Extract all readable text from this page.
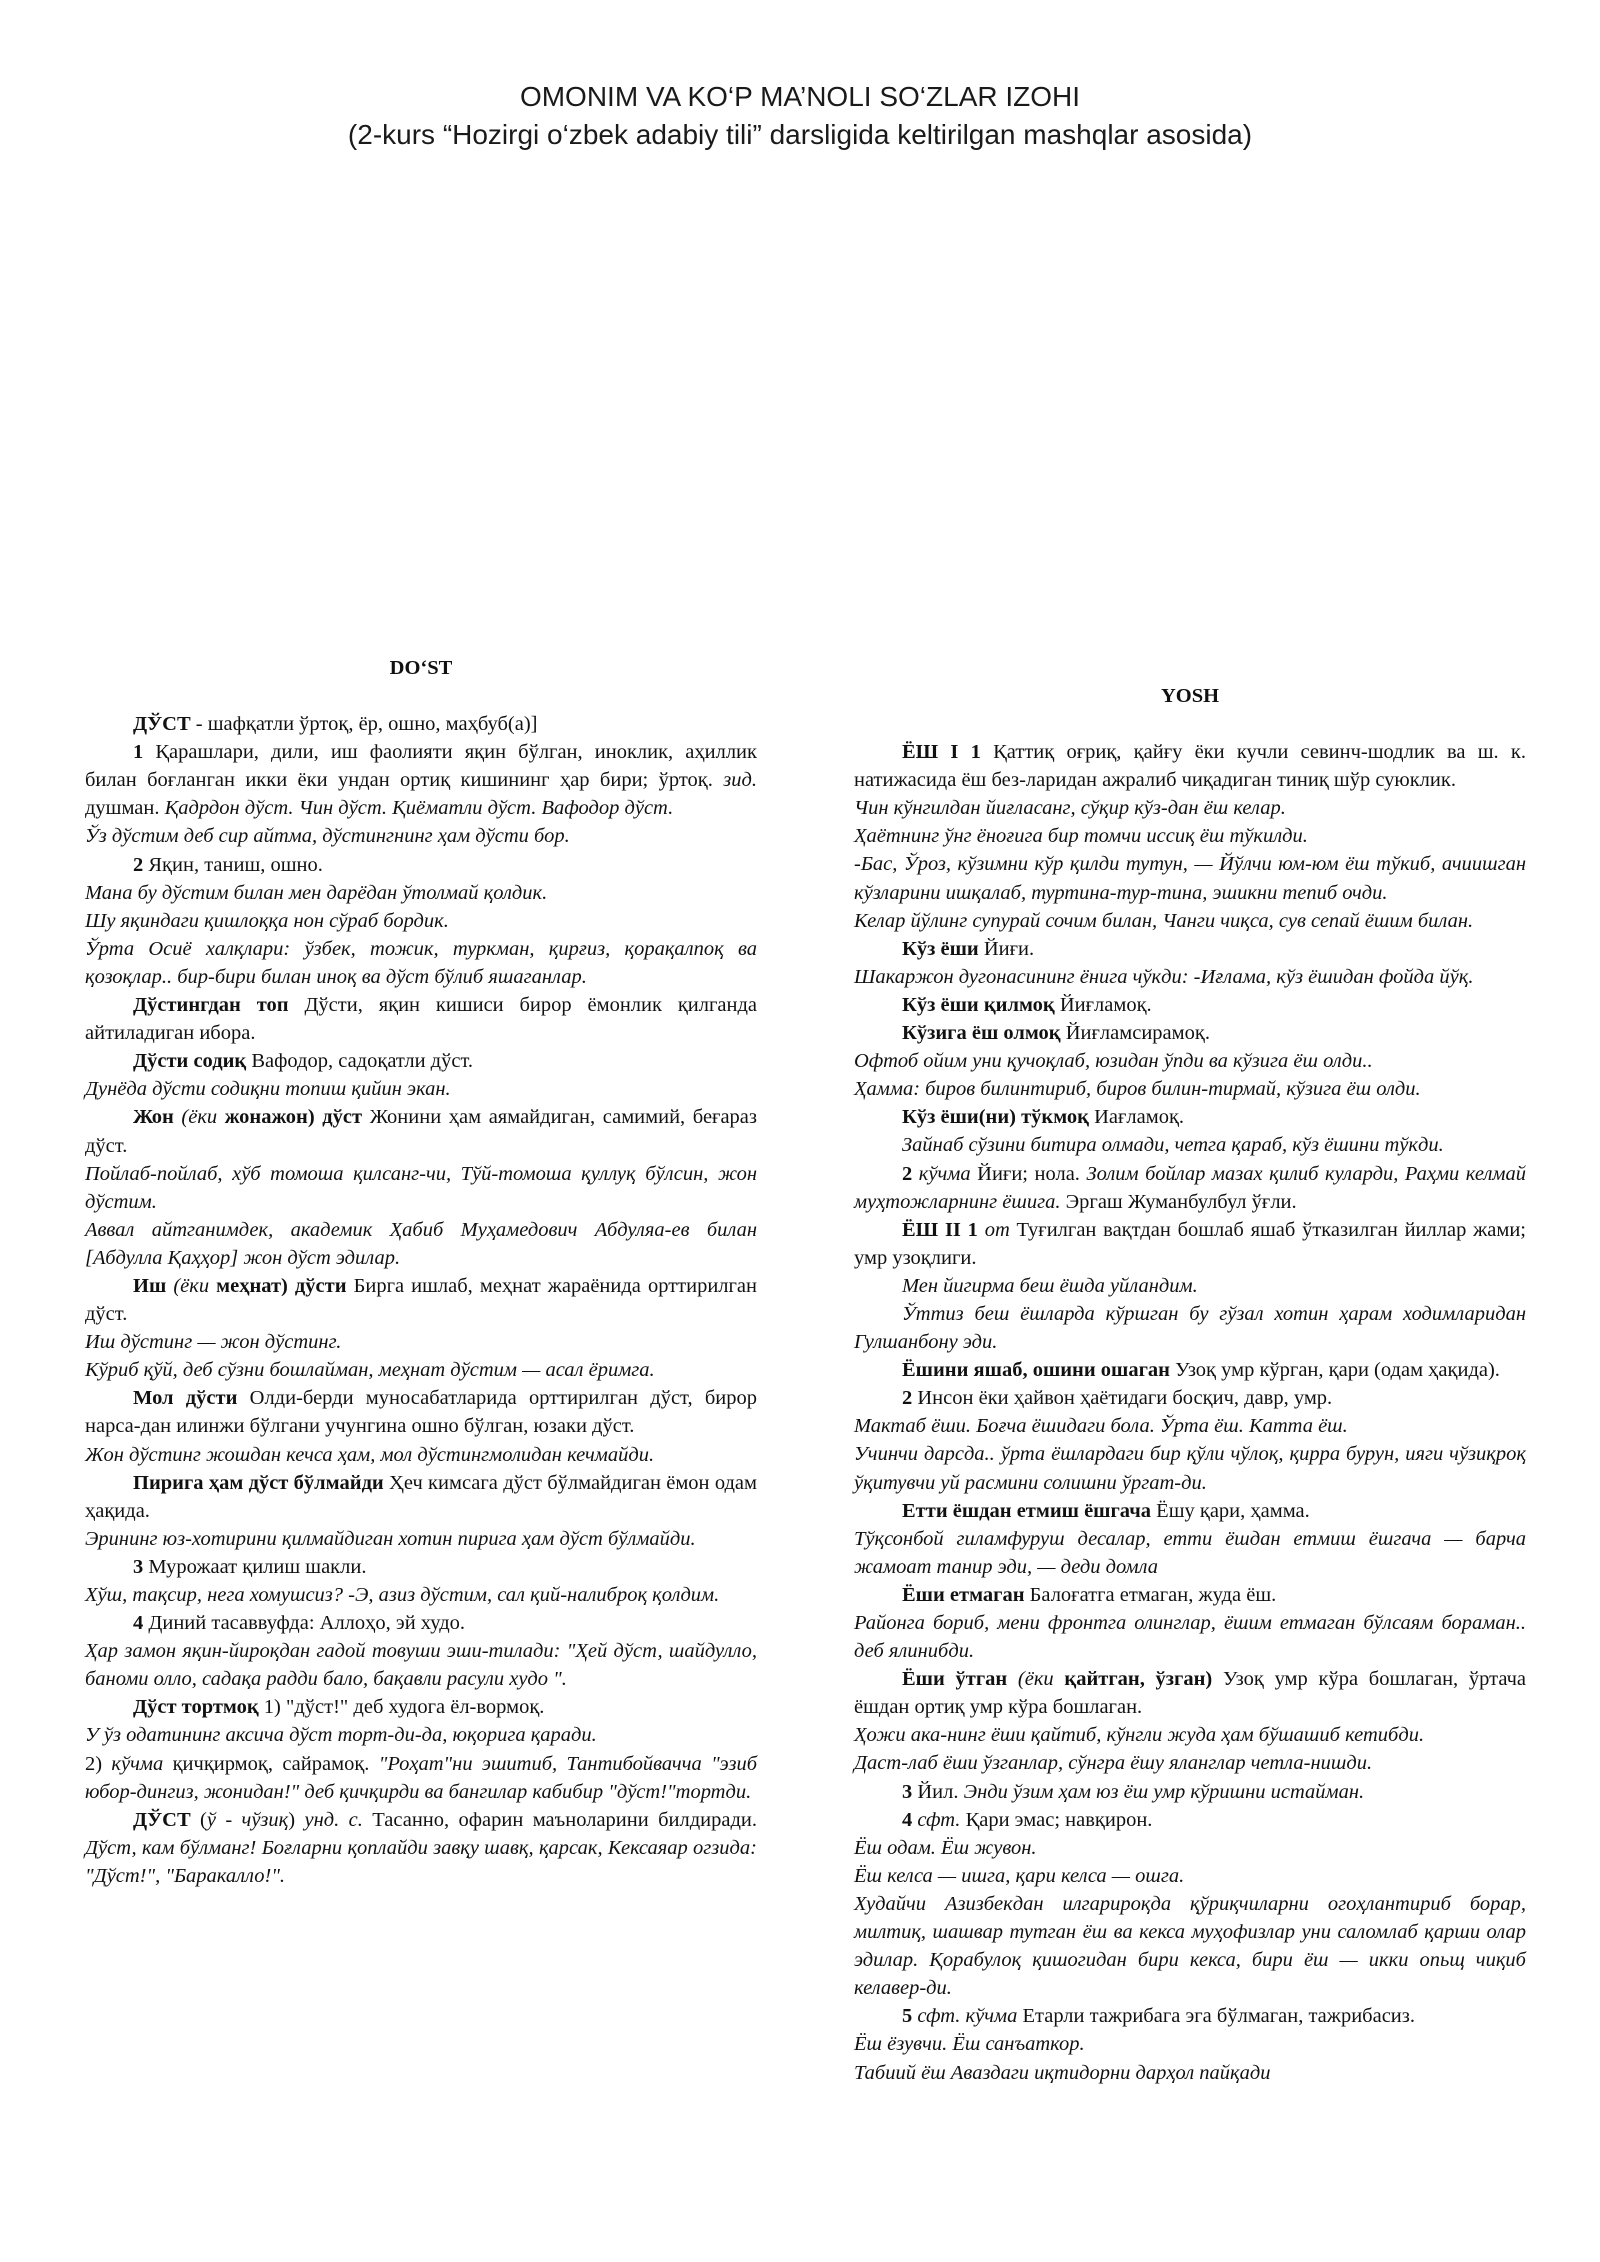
OMONIM VA KO‘P MA’NOLI SO‘ZLAR IZOHI
(2-kurs “Hozirgi o‘zbek adabiy tili” darsligida keltirilgan mashqlar asosida)
DO‘ST

ДЎСТ - шафқатли ўртоқ, ёр, ошно, маҳбуб(а)]

1 Қарашлари, дили, иш фаолияти яқин бўлган, иноклик, аҳиллик билан боғланган икки ёки ундан ортиқ кишининг ҳар бири; ўртоқ. зид. душман. Қадрдон дўст. Чин дўст. Қиёматли дўст. Вафодор дўст.

Ўз дўстим деб сир айтма, дўстингнинг ҳам дўсти бор.

2 Яқин, таниш, ошно.

Мана бу дўстим билан мен дарёдан ўтолмай қолдик.

Шу яқиндаги қишлоққа нон сўраб бордик.

Ўрта Осиё халқлари: ўзбек, тожик, туркман, қирғиз, қорақалпоқ ва қозоқлар.. бир-бири билан иноқ ва дўст бўлиб яшаганлар.

Дўстингдан топ Дўсти, яқин кишиси бирор ёмонлик қилганда айтиладиган ибора.

Дўсти содиқ Вафодор, садоқатли дўст.

Дунёда дўсти содиқни топиш қийин экан.

Жон (ёки жонажон) дўст Жонини ҳам аямайдиган, самимий, беғараз дўст.

Пойлаб-пойлаб, хўб томоша қилсанг-чи, Тўй-томоша қуллуқ бўлсин, жон дўстим.

Аввал айтганимдек, академик Ҳабиб Муҳамедович Абдуляа-ев билан [Абдулла Қаҳҳор] жон дўст эдилар.

Иш (ёки меҳнат) дўсти Бирга ишлаб, меҳнат жараёнида орттирилган дўст.

Иш дўстинг — жон дўстинг.

Кўриб қўй, деб сўзни бошлайман, меҳнат дўстим — асал ёримга.

Мол дўсти Олди-берди муносабатларида орттирилган дўст, бирор нарса-дан илинжи бўлгани учунгина ошно бўлган, юзаки дўст.

Жон дўстинг жошдан кечса ҳам, мол дўстингмолидан кечмайди.

Пирига ҳам дўст бўлмайди Ҳеч кимсага дўст бўлмайдиган ёмон одам ҳақида.

Эрининг юз-хотирини қилмайдиган хотин пирига ҳам дўст бўлмайди.

3 Мурожаат қилиш шакли.

Хўш, тақсир, нега хомушсиз? -Э, азиз дўстим, сал қий-налиброқ қолдим.

4 Диний тасаввуфда: Аллоҳо, эй худо.

Ҳар замон яқин-йироқдан гадой товуши эши-тилади: "Ҳей дўст, шайдулло, баноми олло, садақа радди бало, бақавли расули худо ".

Дўст тортмоқ 1) "дўст!" деб худога ёл-вормоқ.

У ўз одатининг аксича дўст торт-ди-да, юқорига қаради.

2) кўчма қичқирмоқ, сайрамоқ. "Роҳат"ни эшитиб, Тантибойвачча "эзиб юбор-дингиз, жонидан!" деб қичқирди ва бангилар кабибир "дўст!"тортди.

ДЎСТ (ў - чўзиқ) унд. с. Тасанно, офарин маъноларини билдиради. Дўст, кам бўлманг! Боғларни қоплайди завқу шавқ, қарсак, Кексаяар огзида: "Дўст!", "Баракалло!".

YOSH

ЁШ I 1 Қаттиқ оғриқ, қайғу ёки кучли севинч-шодлик ва ш. к. натижасида ёш без-ларидан ажралиб чиқадиган тиниқ шўр суюклик.

Чин кўнгилдан йиғласанг, сўқир кўз-дан ёш келар.

Ҳаётнинг ўнг ёноғига бир томчи иссиқ ёш тўкилди.

-Бас, Ўроз, кўзимни кўр қилди тутун, — Йўлчи юм-юм ёш тўкиб, ачиишган кўзларини ишқалаб, туртина-тур-тина, эшикни тепиб очди.

Келар йўлинг супурай сочим билан, Чанги чиқса, сув сепай ёшим билан.

Кўз ёши Йиғи.

Шакаржон дугонасининг ёнига чўкди: -Иғлама, кўз ёшидан фойда йўқ.

Кўз ёши қилмоқ Йиғламоқ.

Кўзига ёш олмоқ Йиғламсирамоқ.

Офтоб ойим уни қучоқлаб, юзидан ўпди ва кўзига ёш олди..

Ҳамма: биров билинтириб, биров билин-тирмай, кўзига ёш олди.

Кўз ёши(ни) тўкмоқ Иағламоқ.

Зайнаб сўзини битира олмади, четга қараб, кўз ёшини тўкди.

2 кўчма Йиғи; нола. Золим бойлар мазах қилиб куларди, Раҳми келмай муҳтожларнинг ёшига. Эргаш Жуманбулбул ўғли.

ЁШ II 1 от Туғилган вақтдан бошлаб яшаб ўтказилган йиллар жами; умр узоқлиги.

Мен йигирма беш ёшда уйландим.

Ўттиз беш ёшларда кўршган бу гўзал хотин ҳарам ходимларидан Гулшанбону эди.

Ёшини яшаб, ошини ошаган Узоқ умр кўрган, қари (одам ҳақида).

2 Инсон ёки ҳайвон ҳаётидаги босқич, давр, умр.

Мактаб ёши. Боғча ёшидаги бола. Ўрта ёш. Катта ёш.

Учинчи дарсда.. ўрта ёшлардаги бир қўли чўлоқ, қирра бурун, ияги чўзиқроқ ўқитувчи уй расмини солишни ўргат-ди.

Етти ёшдан етмиш ёшгача Ёшу қари, ҳамма.

Тўқсонбой гиламфуруш десалар, етти ёшдан етмиш ёшгача — барча жамоат танир эди, — деди домла

Ёши етмаган Балоғатга етмаган, жуда ёш.

Райoнга бориб, мени фронтга олинглар, ёшим етмаган бўлсаям бораман.. деб ялинибди.

Ёши ўтган (ёки қайтган, ўзган) Узоқ умр кўра бошлаган, ўртача ёшдан ортиқ умр кўра бошлаган.

Ҳожи ака-нинг ёши қайтиб, кўнгли жуда ҳам бўшашиб кетибди.

Даст-лаб ёши ўзганлар, сўнгра ёшу яланглар четла-нишди.

3 Йил. Энди ўзим ҳам юз ёш умр кўришни истайман.

4 сфт. Қари эмас; навқирон.

Ёш одам. Ёш жувон.

Ёш келса — ишга, қари келса — ошга.

Худайчи Азизбекдан илгарироқда қўриқчиларни огоҳлантириб борар, милтиқ, шашвар тутган ёш ва кекса муҳофизлар уни саломлаб қарши олар эдилар. Қорабулоқ қишогидан бири кекса, бири ёш — икки опьщ чиқиб келавер-ди.

5 сфт. кўчма Етарли тажрибага эга бўлмаган, тажрибасиз.

Ёш ёзувчи. Ёш санъаткор.

Табиий ёш Авaздаги иқтидорни дарҳол пайқади
